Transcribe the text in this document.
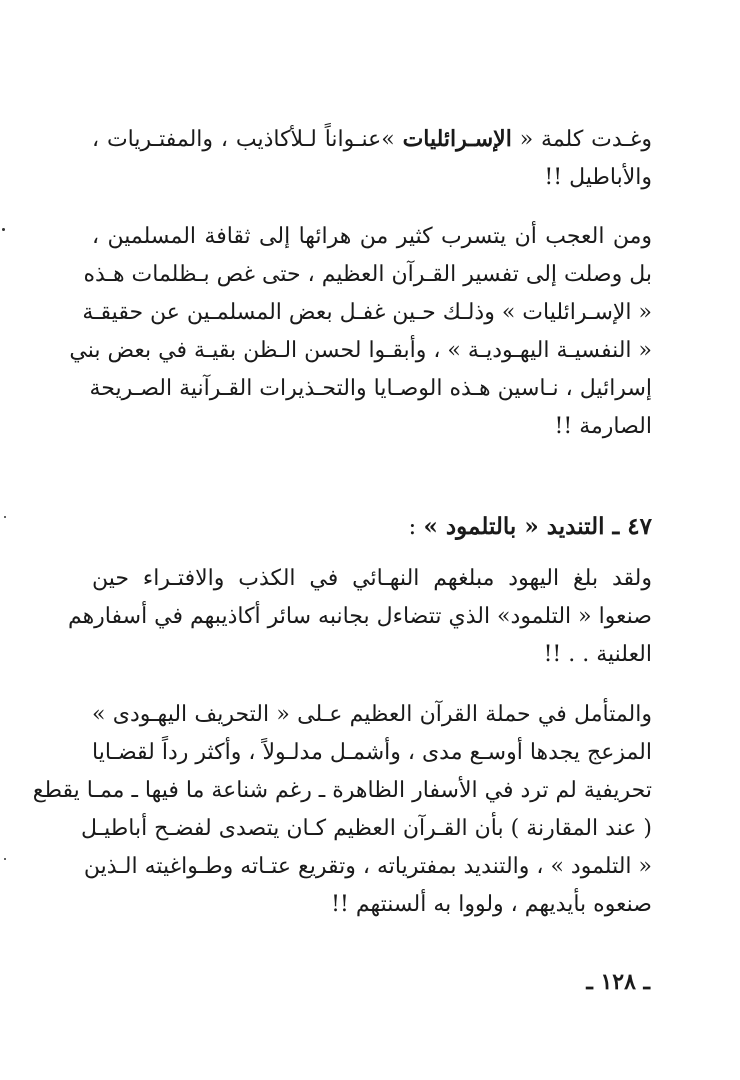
وغـدت كلمة « الإسـرائليات »عنـواناً لـلأكاذيب ، والمفتـريات ،
والأباطيل !!
ومن العجب أن يتسرب كثير من هرائها إلى ثقافة المسلمين ،
بل وصلت إلى تفسير القـرآن العظيم ، حتى غص بـظلمات هـذه
« الإسـرائليات » وذلـك حـين غفـل بعض المسلمـين عن حقيقـة
« النفسيـة اليهـوديـة » ، وأبقـوا لحسن الـظن بقيـة في بعض بني
إسرائيل ، نـاسين هـذه الوصـايا والتحـذيرات القـرآنية الصـريحة
الصارمة !!
٤٧ ـ التنديد « بالتلمود » :
ولقد بلغ اليهود مبلغهم النهـائي في الكذب والافتـراء حين
صنعوا « التلمود» الذي تتضاءل بجانبه سائر أكاذيبهم في أسفارهم
العلنية . . !!
والمتأمل في حملة القرآن العظيم عـلى « التحريف اليهـودى »
المزعج يجدها أوسـع مدى ، وأشمـل مدلـولاً ، وأكثر رداً لقضـايا
تحريفية لم ترد في الأسفار الظاهرة ـ رغم شناعة ما فيها ـ ممـا يقطع
( عند المقارنة ) بأن القـرآن العظيم كـان يتصدى لفضـح أباطيـل
« التلمود » ، والتنديد بمفترياته ، وتقريع عتـاته وطـواغيته الـذين
صنعوه بأيديهم ، ولووا به ألسنتهم !!
ـ ١٢٨ ـ
